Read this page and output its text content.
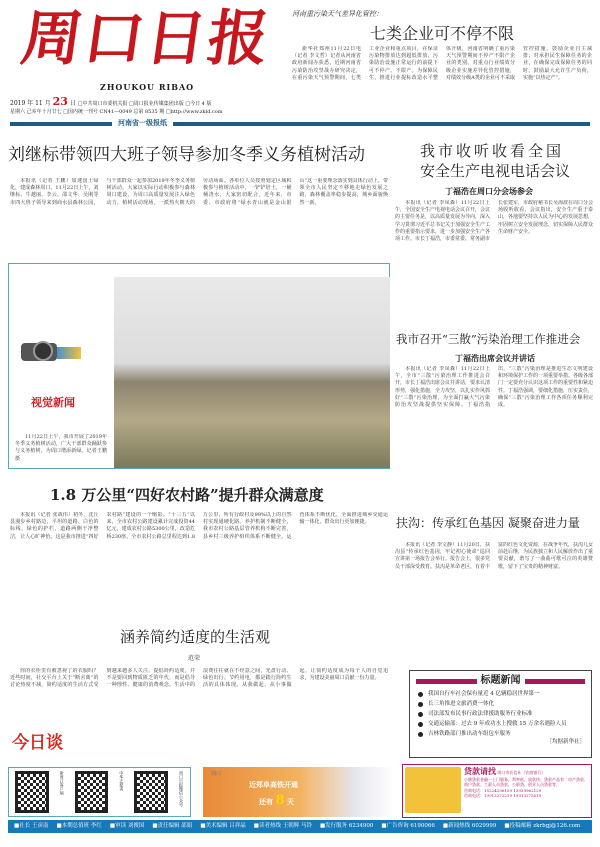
周口日报
ZHOUKOU RIBAO
2019 年 11 月 23 日 □中共周口市委机关报 □周口报业传媒集团出版 □今日 4 版
星期六 己亥年十月廿七 □国内统一刊号 CN41—0049 总第 8535 期 □http://www.zkld.com
河南省一级报纸
河南重污染天气差异化管控：
七类企业可不停不限
新华社郑州11月22日电（记者 李文哲）记者从河南省政府新闻办获悉，近期河南省污染防治攻坚战办研究决定，在重污染天气预警期间，七类工业企业和重点项目，在保证污染物排放达到超低排放、污染防治设施正常运行的前提下可不停产、不限产。为保障民生，推进行业提标改造水平整体升级，河南省明确了重污染天气预警期间不停产不限产企业的类别。对重点行业绩效分级企业实施差异化管控措施，对绩效分级A类的企业可不采取管控措施，鼓励企业自主减排；对承担民生保障任务的企业，在确保完成保障任务的同时，鼓励最大允许生产负荷，实施“以热定产”。
刘继标带领四大班子领导参加冬季义务植树活动
本报讯（记者 王鹏）加速国土绿化，建成森林周口。11月22日上午，刘继标、牛越丽、李云、邵文华、吴刚等市四大班子领导来到商水县森林公园，与干部群众一起参加2019年冬季义务植树活动。大家以实际行动积极参与森林周口建设，为周口高质量发展注入绿色动力。植树活动现场，一派热火朝天的劳动场面。各单位人员按照划定区域积极参与植树活动中，一铲铲培土，一桶桶浇水，大家密切配合。近年来，市委、市政府将“绿水青山就是金山银山”这一重要理念落实到具体行动上，带领全市人民坚定不移地走绿色发展之路，森林覆盖率稳步提高，城乡面貌焕然一新。
视觉新闻
11月22日上午，我市开展了2019年冬季义务植树活动，广大干部群众踊跃参与义务植树，为周口增添新绿。记者王鹏 摄
1.8 万公里“四好农村路”提升群众满意度
本报讯（记者 张战伟）初冬，沈丘县漫步乡村路边，平坦的道路、白色的标线、绿色的护栏，道路两侧干净整洁，让人心旷神怡。这是我市推进“四好农村路”建设的一个缩影。“十三五”以来，全市农村公路建设累计完成投资44亿元，建成农村公路5300公里，改造危桥230座。全市农村公路总里程达到1.8万公里，所有行政村及99%以上的自然村实现通硬化路。养护机制不断健全，我市农村公路基层管养机构不断完善，县乡村三级养护组织体系不断健全。运营体系不断优化，全面推进城乡交通运输一体化，群众出行更加便捷。
涵养简约适度的生活观
范荣
你的衣柜里有被忽视了的衣服吗？近些时间，社交平台上关于“断舍离”的讨论热度不减，简约适度的生活方式受到越来越多人关注。提倡简约适度，并不是要回到物质匮乏的年代，而是倡导一种理性、健康的消费观念。生活中的浪费往往就在不经意之间，光盘行动、绿色出行、节约用电，都是践行简约生活的具体体现。从我做起、从小事做起，让简约适度成为每个人的自觉追求，为建设美丽周口贡献一份力量。
今日谈
新周口客户端	中华志愿者	周口日报微信公众号	周口
近郑阜高铁开通
还有 8 天
我市收听收看全国
安全生产电视电话会议
丁福浩在周口分会场参会
本报讯（记者 李凤森）11月22日上午，全国安全生产电视电话会议召开，会议的主要任务是，以高质量发展为导向，深入学习贯彻习近平总书记关于加强安全生产工作的重要指示要求，进一步加强安全生产各项工作。市长丁福浩，市委常委、常务副市长张建军，市政府秘书长吴海波在周口分会场收听收看。会议指出，安全生产重于泰山，各地要坚持以人民为中心的发展思想，牢固树立安全发展理念，切实保障人民群众生命财产安全。
我市召开“三散”污染治理工作推进会
丁福浩出席会议并讲话
本报讯（记者 李凤森）11月22日上午，全市“三散”污染治理工作推进会召开，市长丁福浩出席会议并讲话，要求认清形势，强化措施，全力攻坚，以扎实作风抓好“三散”污染治理，为全面打赢大气污染防治攻坚战提供坚实保障。丁福浩指出，“三散”污染治理是推进生态文明建设和环境保护工作的一项重要举措。各级各部门一定要充分认识这项工作的重要性和紧迫性。丁福浩强调，要细化措施，压实责任，确保“三散”污染治理工作各项任务顺利完成。
扶沟：传承红色基因 凝聚奋进力量
本报讯（记者 李文静）11月20日，扶沟县“传承红色基因，牢记初心使命”巡回宣讲第一场报告会举行。报告会上，很多党员干部深受教育。扶沟是革命老区，有着丰富的红色文化资源，在战争年代，扶沟儿女前赴后继，为民族独立和人民解放作出了重要贡献，谱写了一曲曲可歌可泣的英雄赞歌，留下了宝贵的精神财富。
标题新闻
我国自行车社会保有量近 4 亿辆稳居世界第一
长三角推进文旅消费一体化
司法部发布民事行政法律援助服务行业标准
交通运输部：过去 9 年成功水上搜救 15 万余名遇险人员
吉林铁路部门推出动车组包车服务
［均据新华社］
贷款请找 周口市农信社（农商银行）
小额贷款金融一上门服务，利率低，放款快；贷款产品有：房产贷款、商户贷款、工薪人员贷款、公职贷、创业人员贷款等。
咨询电话：15224296159 13939962129
咨询电话：19913272219 19913275519
■社长 王彦南 ■本期总值班 李红 ■审读 刘俊国 ■责任编辑 邵娟 ■美术编辑 吕祥晶 ■读者热线 王朝辉 马铃 ■发行服务 6234900 ■广告咨询 6190066 ■新闻热线 6029999 ■投稿邮箱 zkrbgj@126.com
